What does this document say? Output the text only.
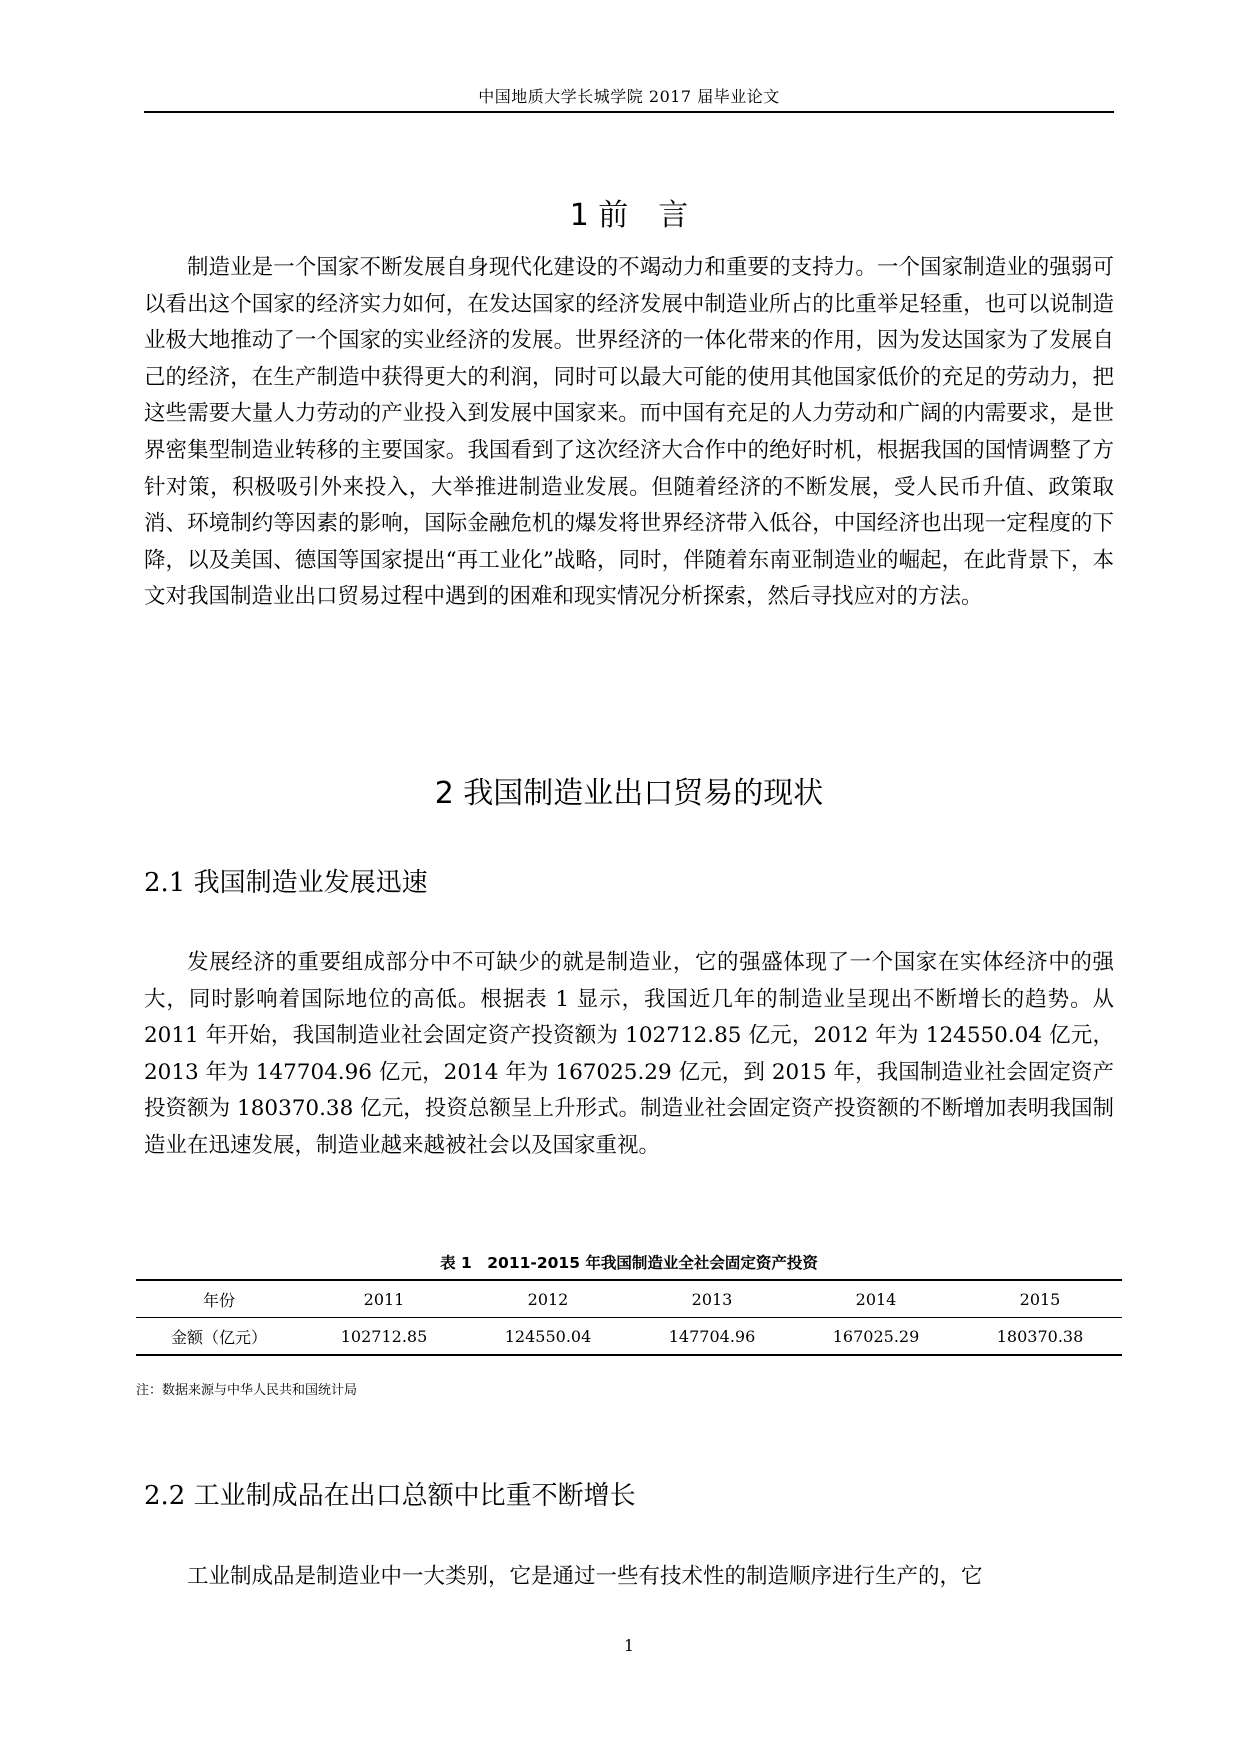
中国地质大学长城学院 2017 届毕业论文
1 前　言

制造业是一个国家不断发展自身现代化建设的不竭动力和重要的支持力。一个国家制造业的强弱可以看出这个国家的经济实力如何，在发达国家的经济发展中制造业所占的比重举足轻重，也可以说制造业极大地推动了一个国家的实业经济的发展。世界经济的一体化带来的作用，因为发达国家为了发展自己的经济，在生产制造中获得更大的利润，同时可以最大可能的使用其他国家低价的充足的劳动力，把这些需要大量人力劳动的产业投入到发展中国家来。而中国有充足的人力劳动和广阔的内需要求，是世界密集型制造业转移的主要国家。我国看到了这次经济大合作中的绝好时机，根据我国的国情调整了方针对策，积极吸引外来投入，大举推进制造业发展。但随着经济的不断发展，受人民币升值、政策取消、环境制约等因素的影响，国际金融危机的爆发将世界经济带入低谷，中国经济也出现一定程度的下降，以及美国、德国等国家提出“再工业化”战略，同时，伴随着东南亚制造业的崛起，在此背景下，本文对我国制造业出口贸易过程中遇到的困难和现实情况分析探索，然后寻找应对的方法。

2 我国制造业出口贸易的现状
2.1 我国制造业发展迅速

发展经济的重要组成部分中不可缺少的就是制造业，它的强盛体现了一个国家在实体经济中的强大，同时影响着国际地位的高低。根据表 1 显示，我国近几年的制造业呈现出不断增长的趋势。从 2011 年开始，我国制造业社会固定资产投资额为 102712.85 亿元，2012 年为 124550.04 亿元，2013 年为 147704.96 亿元，2014 年为 167025.29 亿元，到 2015 年，我国制造业社会固定资产投资额为 180370.38 亿元，投资总额呈上升形式。制造业社会固定资产投资额的不断增加表明我国制造业在迅速发展，制造业越来越被社会以及国家重视。

表 1　2011-2015 年我国制造业全社会固定资产投资
年份	2011	2012	2013	2014	2015
金额（亿元）	102712.85	124550.04	147704.96	167025.29	180370.38
注：数据来源与中华人民共和国统计局
2.2 工业制成品在出口总额中比重不断增长

工业制成品是制造业中一大类别，它是通过一些有技术性的制造顺序进行生产的，它

1
